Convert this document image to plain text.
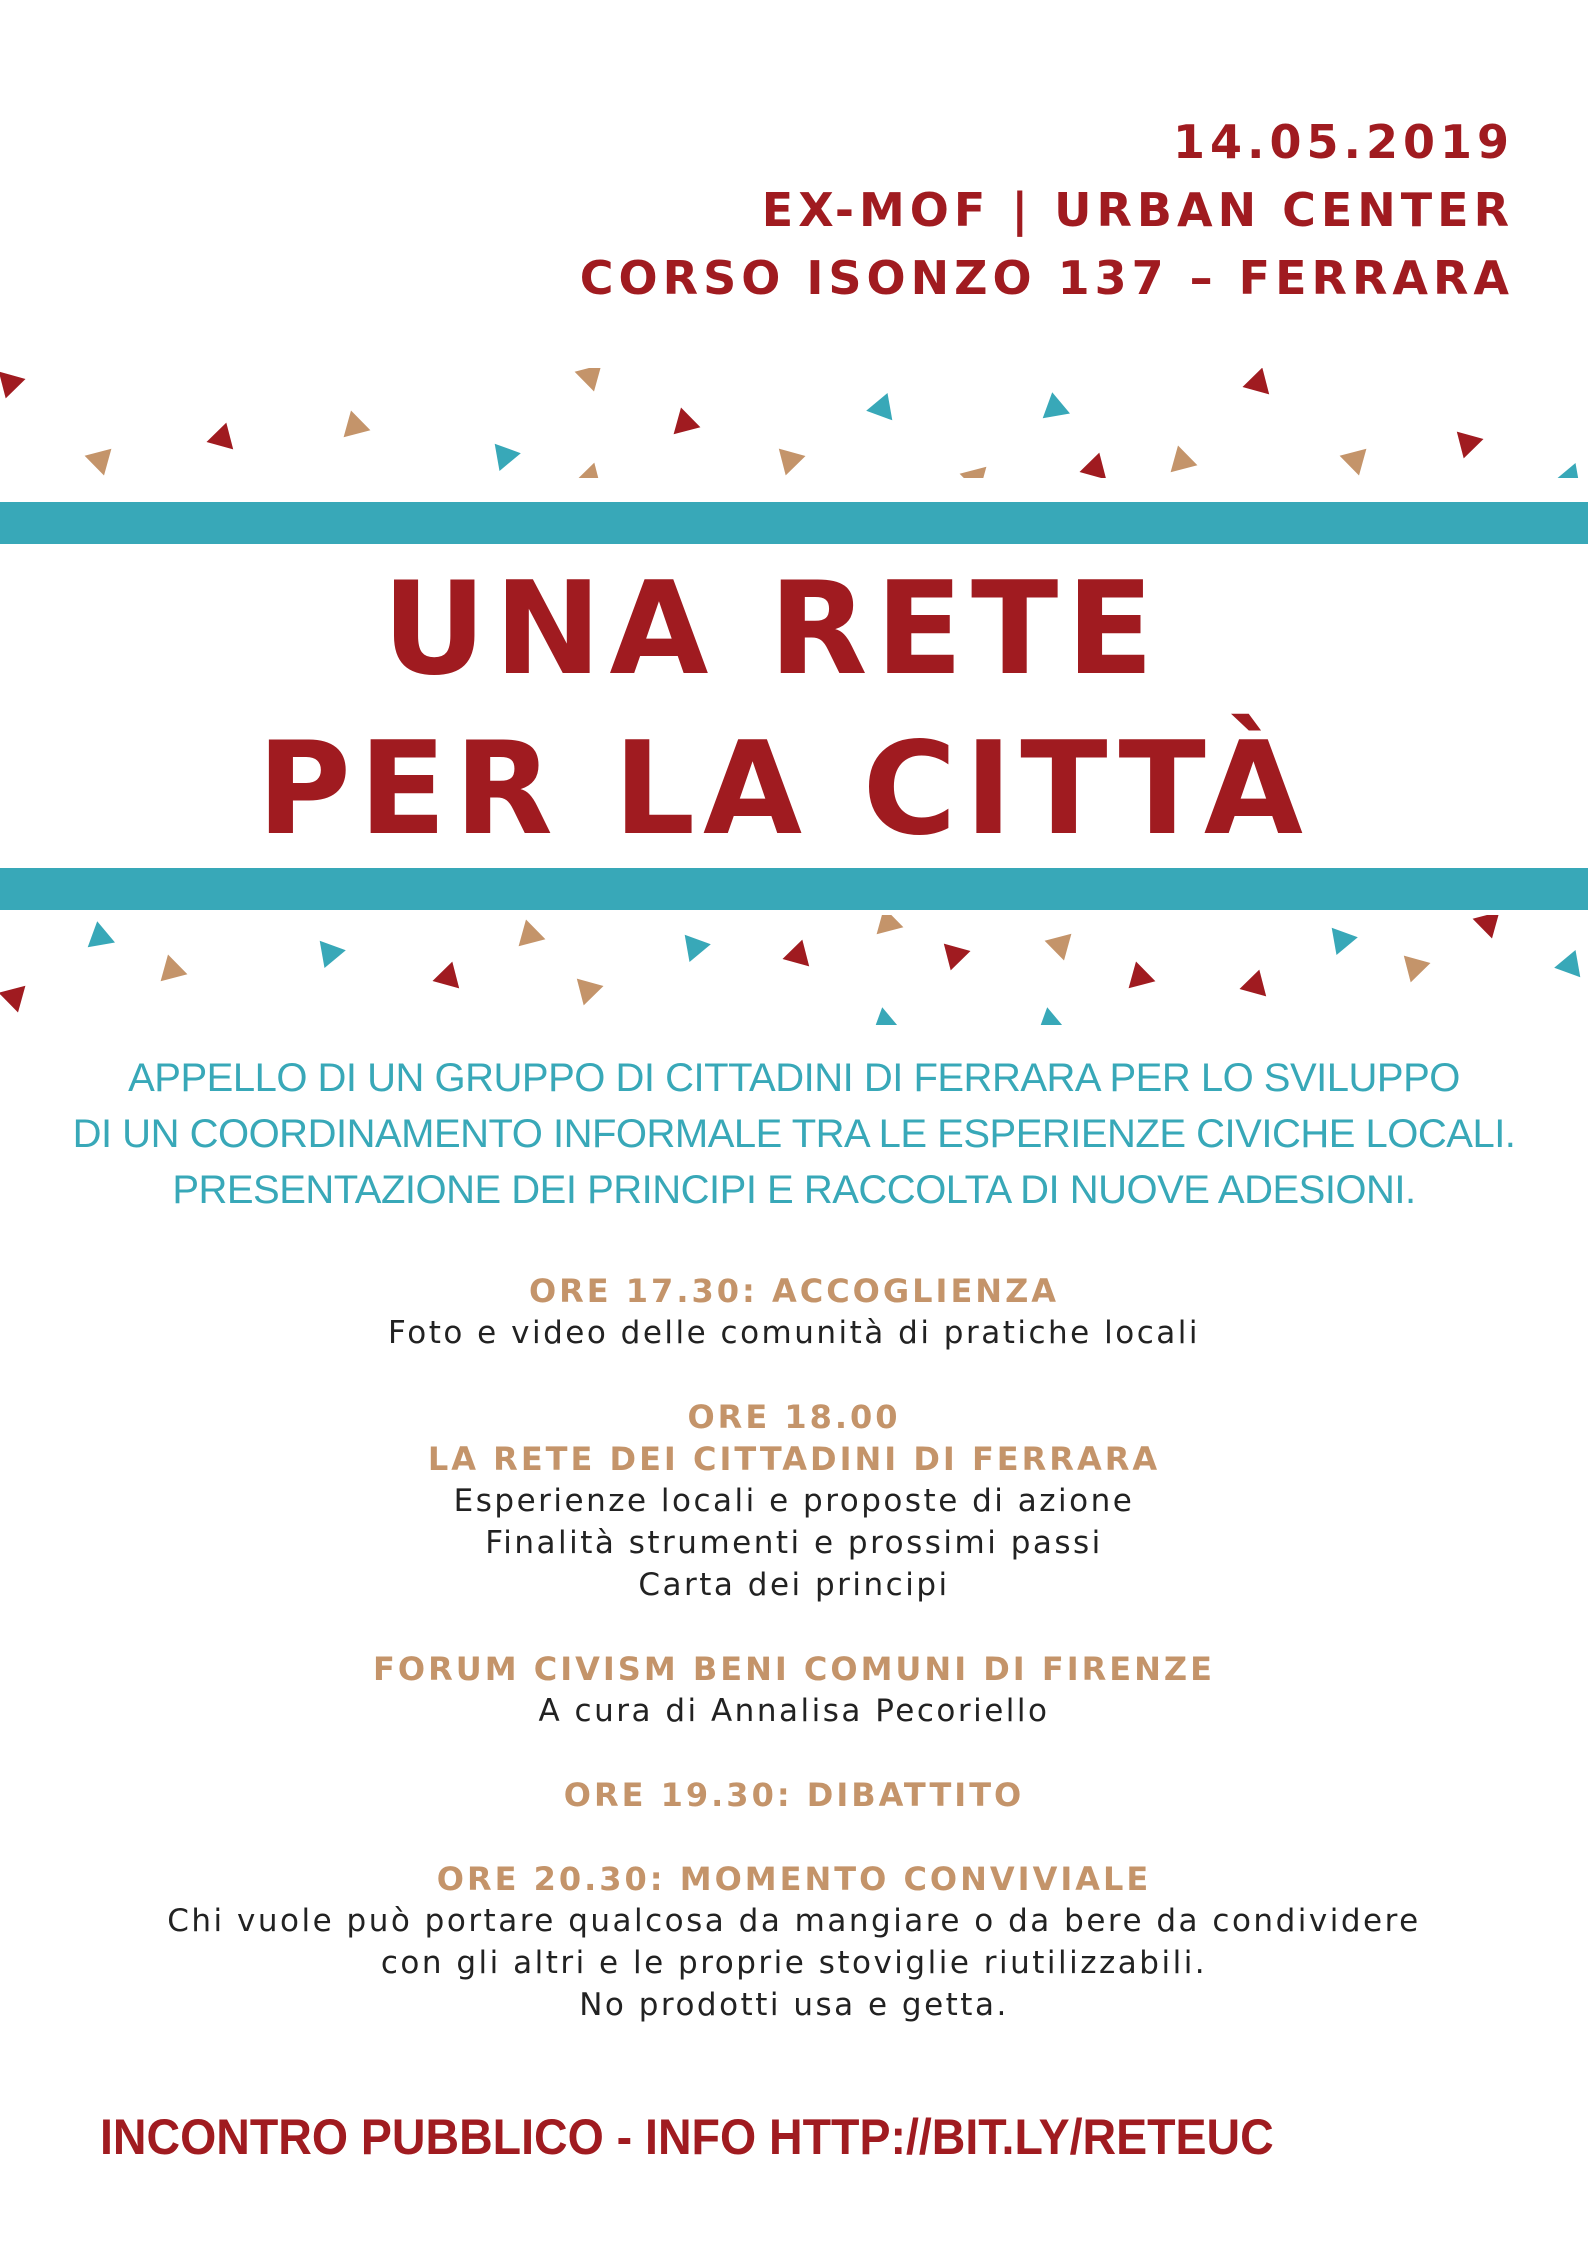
14.05.2019
EX-MOF | URBAN CENTER
CORSO ISONZO 137 – FERRARA
UNA RETE
PER LA CITTÀ
APPELLO DI UN GRUPPO DI CITTADINI DI FERRARA PER LO SVILUPPO
DI UN COORDINAMENTO INFORMALE TRA LE ESPERIENZE CIVICHE LOCALI.
PRESENTAZIONE DEI PRINCIPI E RACCOLTA DI NUOVE ADESIONI.
ORE 17.30: ACCOGLIENZA
Foto e video delle comunità di pratiche locali
ORE 18.00
LA RETE DEI CITTADINI DI FERRARA
Esperienze locali e proposte di azione
Finalità strumenti e prossimi passi
Carta dei principi
FORUM CIVISM BENI COMUNI DI FIRENZE
A cura di Annalisa Pecoriello
ORE 19.30: DIBATTITO
ORE 20.30: MOMENTO CONVIVIALE
Chi vuole può portare qualcosa da mangiare o da bere da condividere
con gli altri e le proprie stoviglie riutilizzabili.
No prodotti usa e getta.
INCONTRO PUBBLICO - INFO HTTP://BIT.LY/RETEUC
